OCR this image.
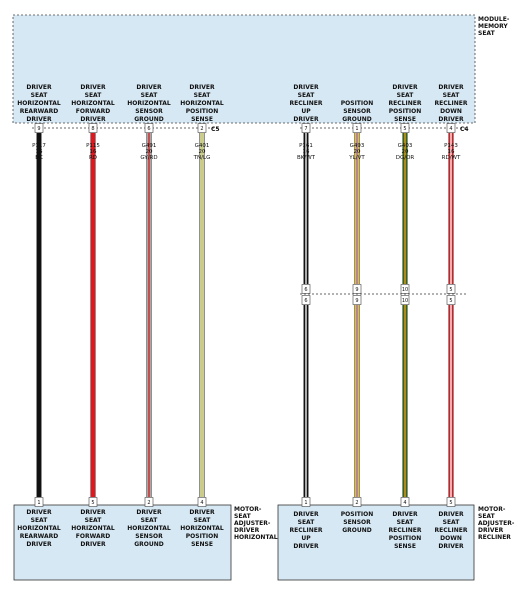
MODULE-MEMORY SEAT
MOTOR-SEAT ADJUSTER-DRIVER HORIZONTAL
MOTOR-SEAT ADJUSTER-DRIVER RECLINER
C5	C4
DRIVER SEAT HORIZONTAL REARWARD DRIVER
9
P117
16
BK
1
DRIVER SEAT HORIZONTAL REARWARD DRIVER
DRIVER SEAT HORIZONTAL FORWARD DRIVER
8
P115
16
RD
5
DRIVER SEAT HORIZONTAL FORWARD DRIVER
DRIVER SEAT HORIZONTAL SENSOR GROUND
6
G491
20
GY/RD
2
DRIVER SEAT HORIZONTAL SENSOR GROUND
DRIVER SEAT HORIZONTAL POSITION SENSE
2
G401
20
TN/LG
4
DRIVER SEAT HORIZONTAL POSITION SENSE
DRIVER SEAT RECLINER UP DRIVER
7
P161
16
BK/WT
6
6
1
DRIVER SEAT RECLINER UP DRIVER
POSITION SENSOR GROUND
1
G493
20
YL/VT
9
9
2
POSITION SENSOR GROUND
DRIVER SEAT RECLINER POSITION SENSE
5
G403
20
DG/OR
10
10
4
DRIVER SEAT RECLINER POSITION SENSE
DRIVER SEAT RECLINER DOWN DRIVER
4
P143
16
RD/WT
5
5
5
DRIVER SEAT RECLINER DOWN DRIVER
